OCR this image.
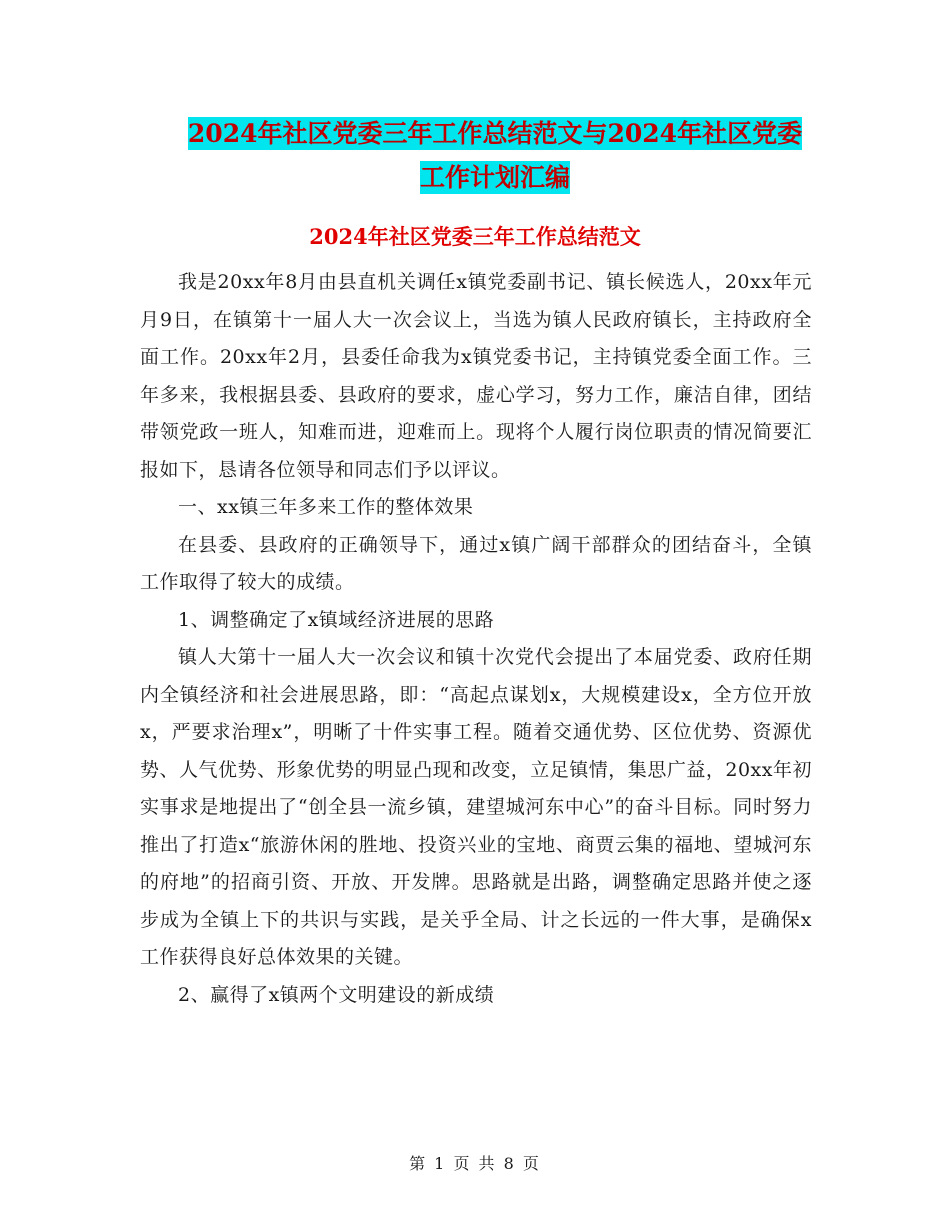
2024年社区党委三年工作总结范文与2024年社区党委
工作计划汇编
2024年社区党委三年工作总结范文

我是20xx年8月由县直机关调任x镇党委副书记、镇长候选人，20xx年元月9日，在镇第十一届人大一次会议上，当选为镇人民政府镇长，主持政府全面工作。20xx年2月，县委任命我为x镇党委书记，主持镇党委全面工作。三年多来，我根据县委、县政府的要求，虚心学习，努力工作，廉洁自律，团结带领党政一班人，知难而进，迎难而上。现将个人履行岗位职责的情况简要汇报如下，恳请各位领导和同志们予以评议。

一、xx镇三年多来工作的整体效果

在县委、县政府的正确领导下，通过x镇广阔干部群众的团结奋斗，全镇工作取得了较大的成绩。

1、调整确定了x镇域经济进展的思路

镇人大第十一届人大一次会议和镇十次党代会提出了本届党委、政府任期内全镇经济和社会进展思路，即：“高起点谋划x，大规模建设x，全方位开放x，严要求治理x”，明晰了十件实事工程。随着交通优势、区位优势、资源优势、人气优势、形象优势的明显凸现和改变，立足镇情，集思广益，20xx年初实事求是地提出了“创全县一流乡镇，建望城河东中心”的奋斗目标。同时努力推出了打造x“旅游休闲的胜地、投资兴业的宝地、商贾云集的福地、望城河东的府地”的招商引资、开放、开发牌。思路就是出路，调整确定思路并使之逐步成为全镇上下的共识与实践，是关乎全局、计之长远的一件大事，是确保x工作获得良好总体效果的关键。

2、赢得了x镇两个文明建设的新成绩

第 1 页 共 8 页
